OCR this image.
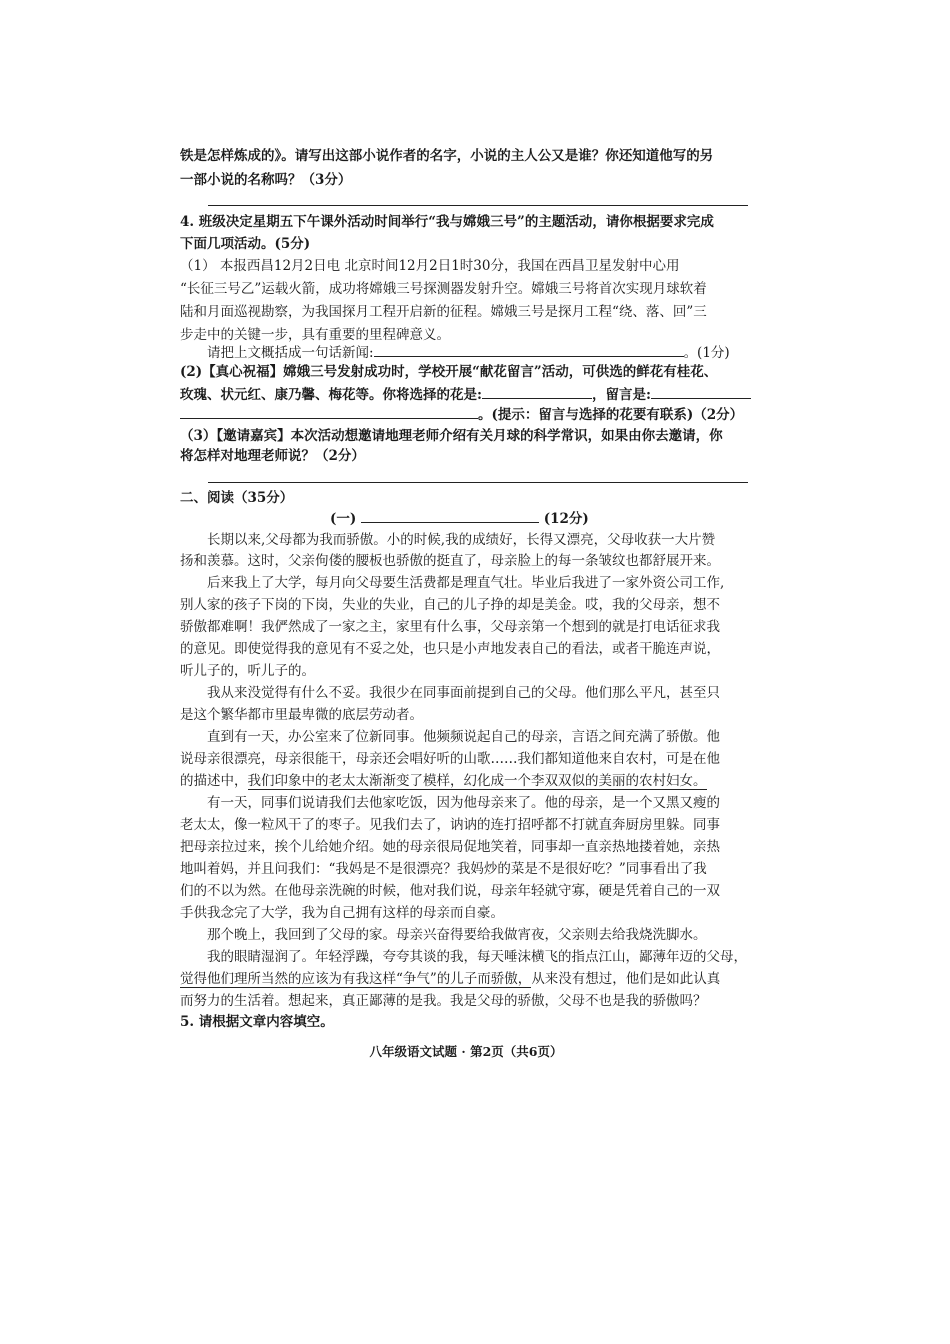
铁是怎样炼成的》。请写出这部小说作者的名字，小说的主人公又是谁？你还知道他写的另
一部小说的名称吗？（3分）
4. 班级决定星期五下午课外活动时间举行“我与嫦娥三号”的主题活动，请你根据要求完成
下面几项活动。(5分)
（1） 本报西昌12月2日电 北京时间12月2日1时30分，我国在西昌卫星发射中心用
“长征三号乙”运载火箭，成功将嫦娥三号探测器发射升空。嫦娥三号将首次实现月球软着
陆和月面巡视勘察，为我国探月工程开启新的征程。嫦娥三号是探月工程“绕、落、回”三
步走中的关键一步，具有重要的里程碑意义。
请把上文概括成一句话新闻:	。(1分)
(2)【真心祝福】嫦娥三号发射成功时，学校开展“献花留言”活动，可供选的鲜花有桂花、
玫瑰、状元红、康乃馨、梅花等。你将选择的花是:	，留言是:
。(提示：留言与选择的花要有联系)（2分）
（3）【邀请嘉宾】本次活动想邀请地理老师介绍有关月球的科学常识，如果由你去邀请，你
将怎样对地理老师说？（2分）
二、阅读（35分）
(一)	(12分)
长期以来,父母都为我而骄傲。小的时候,我的成绩好，长得又漂亮，父母收获一大片赞
扬和羡慕。这时，父亲佝偻的腰板也骄傲的挺直了，母亲脸上的每一条皱纹也都舒展开来。
后来我上了大学，每月向父母要生活费都是理直气壮。毕业后我进了一家外资公司工作,
别人家的孩子下岗的下岗，失业的失业，自己的儿子挣的却是美金。哎，我的父母亲，想不
骄傲都难啊！我俨然成了一家之主，家里有什么事，父母亲第一个想到的就是打电话征求我
的意见。即使觉得我的意见有不妥之处，也只是小声地发表自己的看法，或者干脆连声说，
听儿子的，听儿子的。
我从来没觉得有什么不妥。我很少在同事面前提到自己的父母。他们那么平凡，甚至只
是这个繁华都市里最卑微的底层劳动者。
直到有一天，办公室来了位新同事。他频频说起自己的母亲，言语之间充满了骄傲。他
说母亲很漂亮，母亲很能干，母亲还会唱好听的山歌……我们都知道他来自农村，可是在他
的描述中，我们印象中的老太太渐渐变了模样，幻化成一个李双双似的美丽的农村妇女。
有一天，同事们说请我们去他家吃饭，因为他母亲来了。他的母亲，是一个又黑又瘦的
老太太，像一粒风干了的枣子。见我们去了，讷讷的连打招呼都不打就直奔厨房里躲。同事
把母亲拉过来，挨个儿给她介绍。她的母亲很局促地笑着，同事却一直亲热地搂着她，亲热
地叫着妈，并且问我们：“我妈是不是很漂亮？我妈炒的菜是不是很好吃？”同事看出了我
们的不以为然。在他母亲洗碗的时候，他对我们说，母亲年轻就守寡，硬是凭着自己的一双
手供我念完了大学，我为自己拥有这样的母亲而自豪。
那个晚上，我回到了父母的家。母亲兴奋得要给我做宵夜，父亲则去给我烧洗脚水。
我的眼睛湿润了。年轻浮躁，夸夸其谈的我，每天唾沫横飞的指点江山，鄙薄年迈的父母，
觉得他们理所当然的应该为有我这样“争气”的儿子而骄傲，从来没有想过，他们是如此认真
而努力的生活着。想起来，真正鄙薄的是我。我是父母的骄傲，父母不也是我的骄傲吗？
5. 请根据文章内容填空。
八年级语文试题 · 第2页（共6页）
